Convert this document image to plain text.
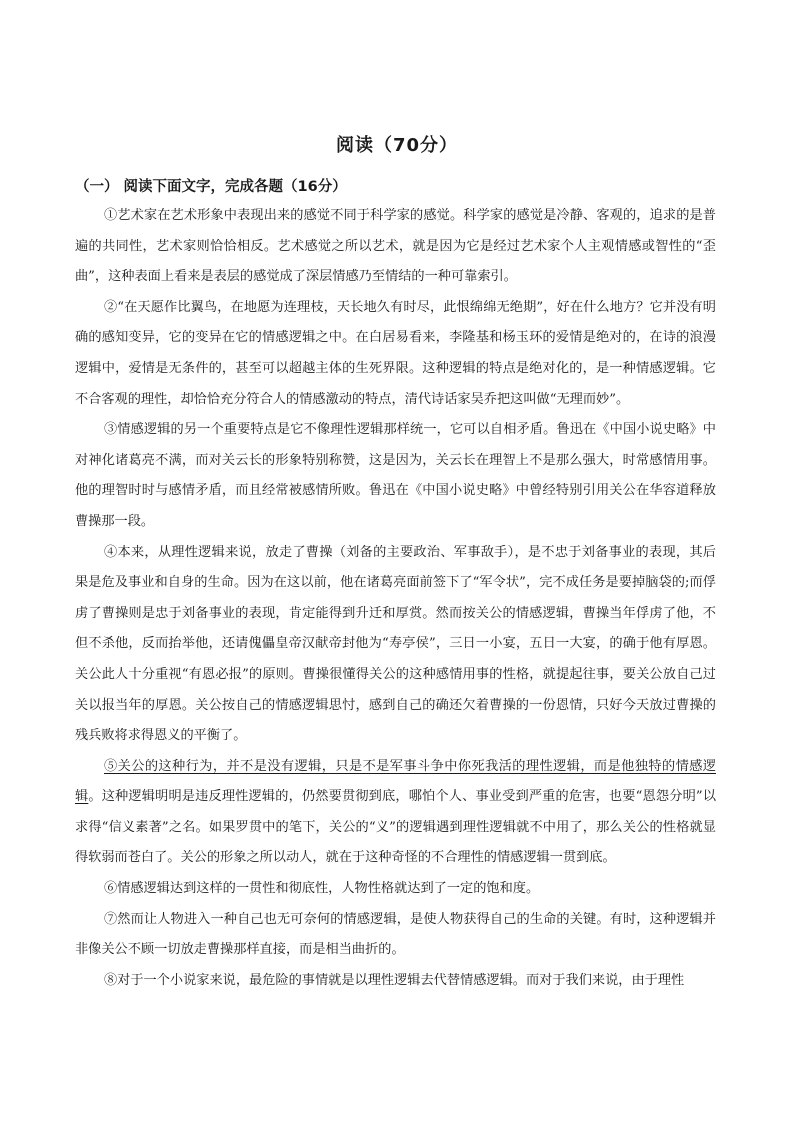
阅读（70分）
（一） 阅读下面文字，完成各题（16分）

①艺术家在艺术形象中表现出来的感觉不同于科学家的感觉。科学家的感觉是冷静、客观的，追求的是普遍的共同性，艺术家则恰恰相反。艺术感觉之所以艺术，就是因为它是经过艺术家个人主观情感或智性的“歪曲”，这种表面上看来是表层的感觉成了深层情感乃至情结的一种可靠索引。

②“在天愿作比翼鸟，在地愿为连理枝，天长地久有时尽，此恨绵绵无绝期”，好在什么地方？它并没有明确的感知变异，它的变异在它的情感逻辑之中。在白居易看来，李隆基和杨玉环的爱情是绝对的，在诗的浪漫逻辑中，爱情是无条件的，甚至可以超越主体的生死界限。这种逻辑的特点是绝对化的，是一种情感逻辑。它不合客观的理性，却恰恰充分符合人的情感激动的特点，清代诗话家吴乔把这叫做“无理而妙”。

③情感逻辑的另一个重要特点是它不像理性逻辑那样统一，它可以自相矛盾。鲁迅在《中国小说史略》中对神化诸葛亮不满，而对关云长的形象特别称赞，这是因为，关云长在理智上不是那么强大，时常感情用事。他的理智时时与感情矛盾，而且经常被感情所败。鲁迅在《中国小说史略》中曾经特别引用关公在华容道释放曹操那一段。

④本来，从理性逻辑来说，放走了曹操（刘备的主要政治、军事敌手），是不忠于刘备事业的表现，其后果是危及事业和自身的生命。因为在这以前，他在诸葛亮面前签下了“军令状”，完不成任务是要掉脑袋的;而俘虏了曹操则是忠于刘备事业的表现，肯定能得到升迁和厚赏。然而按关公的情感逻辑，曹操当年俘虏了他，不但不杀他，反而抬举他，还请傀儡皇帝汉献帝封他为“寿亭侯”，三日一小宴，五日一大宴，的确于他有厚恩。关公此人十分重视“有恩必报”的原则。曹操很懂得关公的这种感情用事的性格，就提起往事，要关公放自己过关以报当年的厚恩。关公按自己的情感逻辑思忖，感到自己的确还欠着曹操的一份恩情，只好今天放过曹操的残兵败将求得恩义的平衡了。

⑤关公的这种行为，并不是没有逻辑，只是不是军事斗争中你死我活的理性逻辑，而是他独特的情感逻辑。这种逻辑明明是违反理性逻辑的，仍然要贯彻到底，哪怕个人、事业受到严重的危害，也要“恩怨分明”以求得“信义素著”之名。如果罗贯中的笔下，关公的“义”的逻辑遇到理性逻辑就不中用了，那么关公的性格就显得软弱而苍白了。关公的形象之所以动人，就在于这种奇怪的不合理性的情感逻辑一贯到底。

⑥情感逻辑达到这样的一贯性和彻底性，人物性格就达到了一定的饱和度。

⑦然而让人物进入一种自己也无可奈何的情感逻辑，是使人物获得自己的生命的关键。有时，这种逻辑并非像关公不顾一切放走曹操那样直接，而是相当曲折的。

⑧对于一个小说家来说，最危险的事情就是以理性逻辑去代替情感逻辑。而对于我们来说，由于理性
